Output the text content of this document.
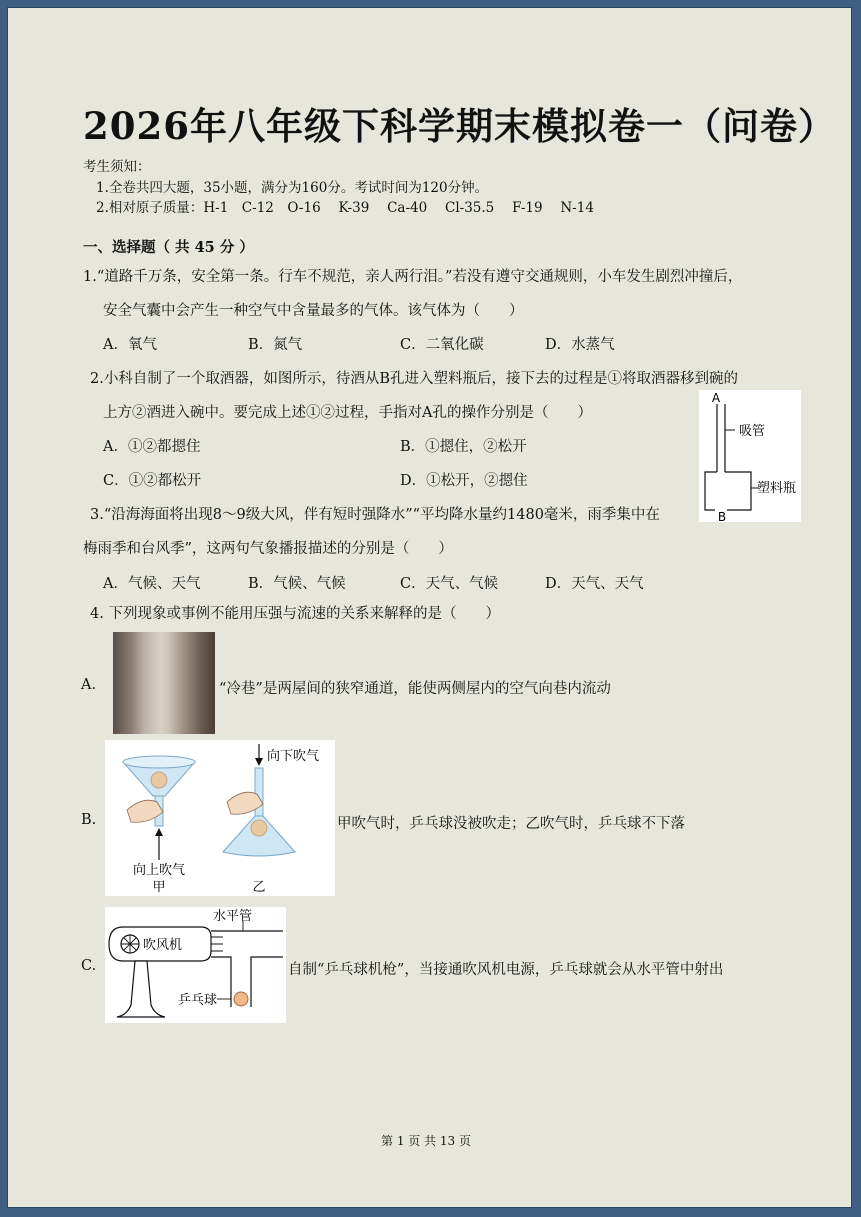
2026年八年级下科学期末模拟卷一（问卷）
考生须知：
1.全卷共四大题，35小题，满分为160分。考试时间为120分钟。
2.相对原子质量：H-1　C-12　O-16　 K-39　 Ca-40　 Cl-35.5　 F-19　 N-14
一、选择题（ 共 45 分 ）
1.“道路千万条，安全第一条。行车不规范，亲人两行泪。”若没有遵守交通规则，小车发生剧烈冲撞后，
安全气囊中会产生一种空气中含量最多的气体。该气体为（　　）
A．氧气	B．氮气	C．二氧化碳	D．水蒸气
2.小科自制了一个取酒器，如图所示，待酒从B孔进入塑料瓶后，接下去的过程是①将取酒器移到碗的
上方②酒进入碗中。要完成上述①②过程，手指对A孔的操作分别是（　　）
A．①②都摁住	B．①摁住，②松开
C．①②都松开	D．①松开，②摁住
A
吸管
塑料瓶
B
3.“沿海海面将出现8～9级大风，伴有短时强降水”“平均降水量约1480毫米，雨季集中在
梅雨季和台风季”，这两句气象播报描述的分别是（　　）
A．气候、天气	B．气候、气候	C．天气、气候	D．天气、天气
4. 下列现象或事例不能用压强与流速的关系来解释的是（　　）
A.	“冷巷”是两屋间的狭窄通道，能使两侧屋内的空气向巷内流动
B.
向上吹气
甲
向下吹气
乙
甲吹气时，乒乓球没被吹走；乙吹气时，乒乓球不下落
C.
吹风机
乒乓球
水平管
自制“乒乓球机枪”，当接通吹风机电源，乒乓球就会从水平管中射出
第 1 页 共 13 页
